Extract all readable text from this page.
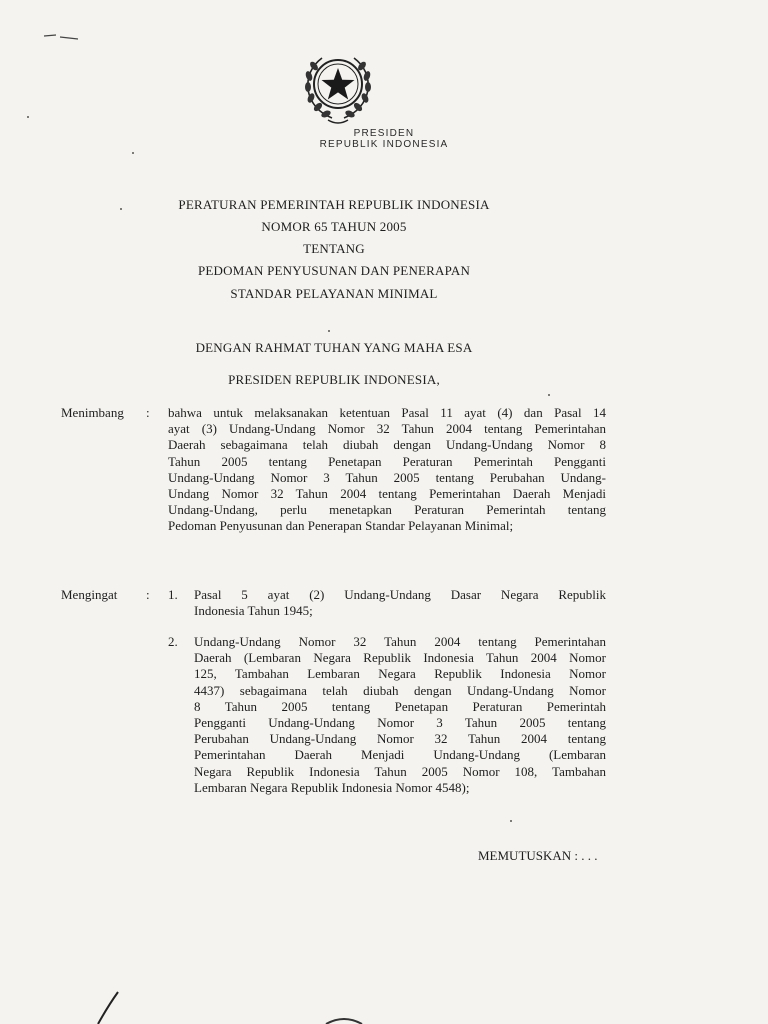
PRESIDEN
REPUBLIK INDONESIA
PERATURAN PEMERINTAH REPUBLIK INDONESIA
NOMOR 65 TAHUN 2005
TENTANG
PEDOMAN PENYUSUNAN DAN PENERAPAN
STANDAR PELAYANAN MINIMAL
DENGAN RAHMAT TUHAN YANG MAHA ESA
PRESIDEN REPUBLIK INDONESIA,
Menimbang : bahwa untuk melaksanakan ketentuan Pasal 11 ayat (4) dan Pasal 14
ayat (3) Undang-Undang Nomor 32 Tahun 2004 tentang Pemerintahan
Daerah sebagaimana telah diubah dengan Undang-Undang Nomor 8
Tahun 2005 tentang Penetapan Peraturan Pemerintah Pengganti
Undang-Undang Nomor 3 Tahun 2005 tentang Perubahan Undang-
Undang Nomor 32 Tahun 2004 tentang Pemerintahan Daerah Menjadi
Undang-Undang, perlu menetapkan Peraturan Pemerintah tentang
Pedoman Penyusunan dan Penerapan Standar Pelayanan Minimal;
Mengingat : 1. Pasal 5 ayat (2) Undang-Undang Dasar Negara Republik
Indonesia Tahun 1945;
2. Undang-Undang Nomor 32 Tahun 2004 tentang Pemerintahan
Daerah (Lembaran Negara Republik Indonesia Tahun 2004 Nomor
125, Tambahan Lembaran Negara Republik Indonesia Nomor
4437) sebagaimana telah diubah dengan Undang-Undang Nomor
8 Tahun 2005 tentang Penetapan Peraturan Pemerintah
Pengganti Undang-Undang Nomor 3 Tahun 2005 tentang
Perubahan Undang-Undang Nomor 32 Tahun 2004 tentang
Pemerintahan Daerah Menjadi Undang-Undang (Lembaran
Negara Republik Indonesia Tahun 2005 Nomor 108, Tambahan
Lembaran Negara Republik Indonesia Nomor 4548);
MEMUTUSKAN : . . .
